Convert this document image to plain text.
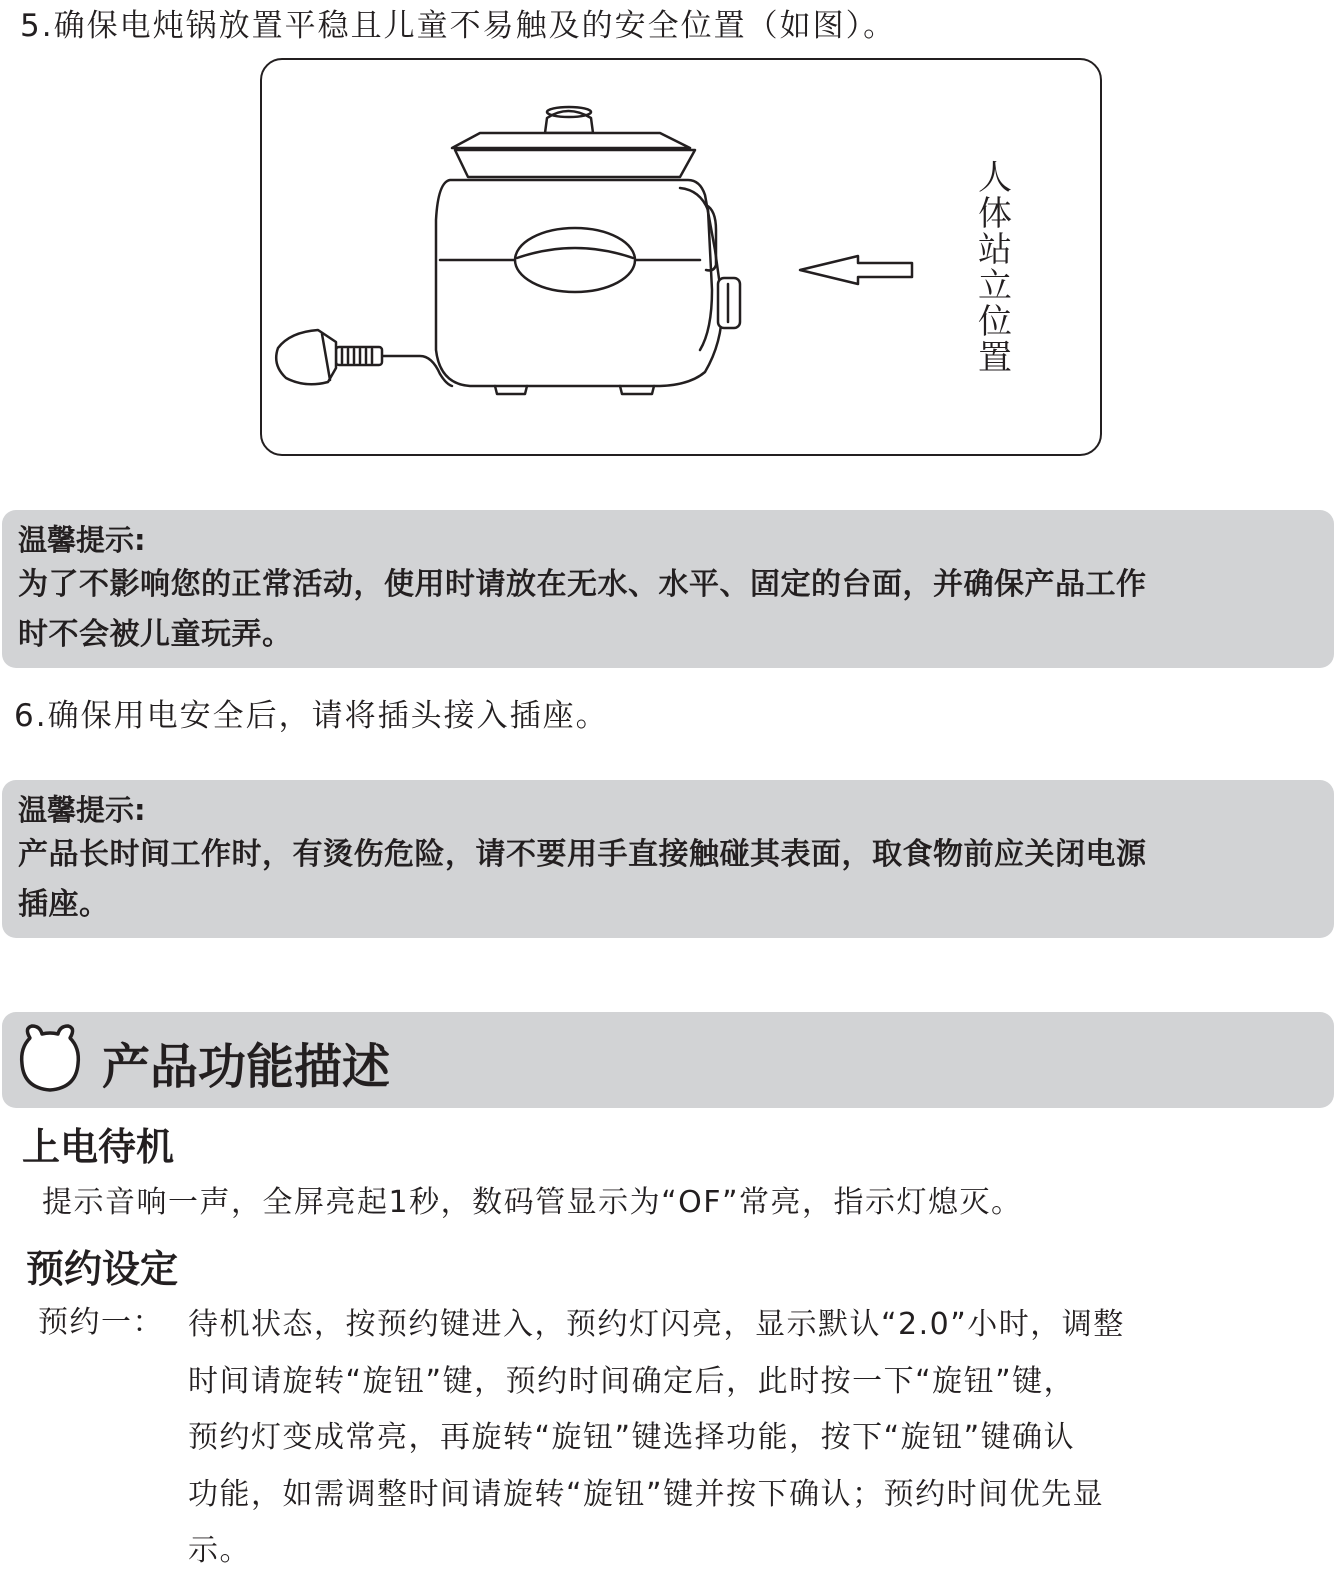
5.确保电炖锅放置平稳且儿童不易触及的安全位置（如图）。
人
体
站
立
位
置
温馨提示:
为了不影响您的正常活动，使用时请放在无水、水平、固定的台面，并确保产品工作
时不会被儿童玩弄。
6.确保用电安全后，请将插头接入插座。
温馨提示:
产品长时间工作时，有烫伤危险，请不要用手直接触碰其表面，取食物前应关闭电源
插座。
产品功能描述
上电待机
提示音响一声，全屏亮起1秒，数码管显示为“OF”常亮，指示灯熄灭。
预约设定
预约一： 待机状态，按预约键进入，预约灯闪亮，显示默认“2.0”小时，调整
时间请旋转“旋钮”键，预约时间确定后，此时按一下“旋钮”键，
预约灯变成常亮，再旋转“旋钮”键选择功能，按下“旋钮”键确认
功能，如需调整时间请旋转“旋钮”键并按下确认；预约时间优先显
示。
